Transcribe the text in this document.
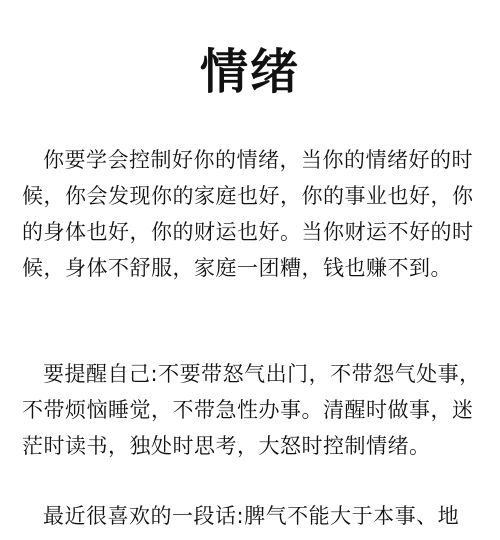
情绪
你要学会控制好你的情绪，当你的情绪好的时候，你会发现你的家庭也好，你的事业也好，你的身体也好，你的财运也好。当你财运不好的时候，身体不舒服，家庭一团糟，钱也赚不到。
要提醒自己:不要带怒气出门，不带怨气处事，不带烦恼睡觉，不带急性办事。清醒时做事，迷茫时读书，独处时思考，大怒时控制情绪。
最近很喜欢的一段话:脾气不能大于本事、地
